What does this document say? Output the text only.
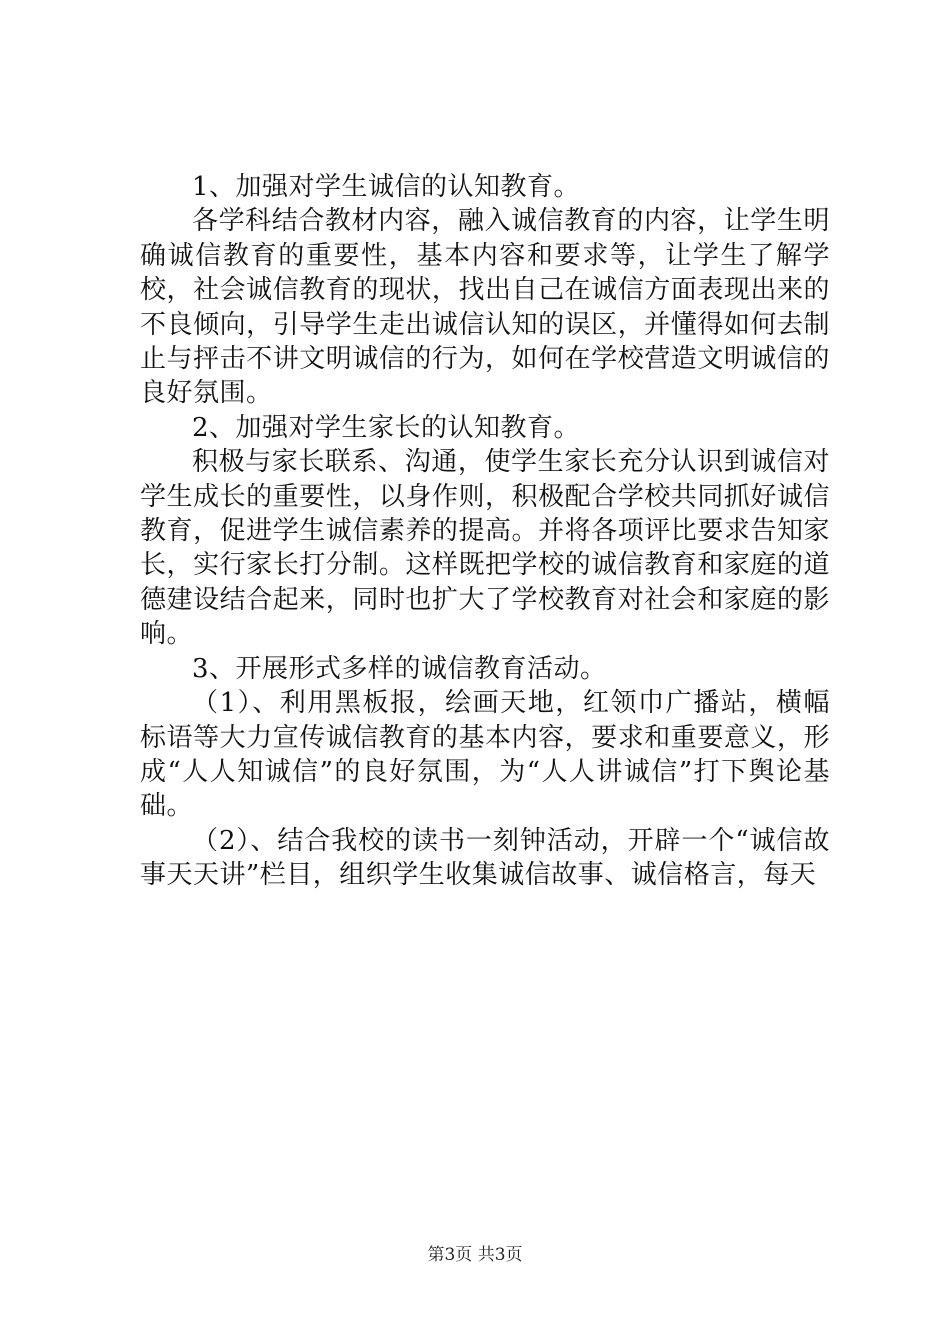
1、加强对学生诚信的认知教育。

各学科结合教材内容，融入诚信教育的内容，让学生明确诚信教育的重要性，基本内容和要求等，让学生了解学校，社会诚信教育的现状，找出自己在诚信方面表现出来的不良倾向，引导学生走出诚信认知的误区，并懂得如何去制止与抨击不讲文明诚信的行为，如何在学校营造文明诚信的良好氛围。

2、加强对学生家长的认知教育。

积极与家长联系、沟通，使学生家长充分认识到诚信对学生成长的重要性，以身作则，积极配合学校共同抓好诚信教育，促进学生诚信素养的提高。并将各项评比要求告知家长，实行家长打分制。这样既把学校的诚信教育和家庭的道德建设结合起来，同时也扩大了学校教育对社会和家庭的影响。

3、开展形式多样的诚信教育活动。

（1）、利用黑板报，绘画天地，红领巾广播站，横幅标语等大力宣传诚信教育的基本内容，要求和重要意义，形成“人人知诚信”的良好氛围，为“人人讲诚信”打下舆论基础。

（2）、结合我校的读书一刻钟活动，开辟一个“诚信故事天天讲”栏目，组织学生收集诚信故事、诚信格言，每天

第3页 共3页
